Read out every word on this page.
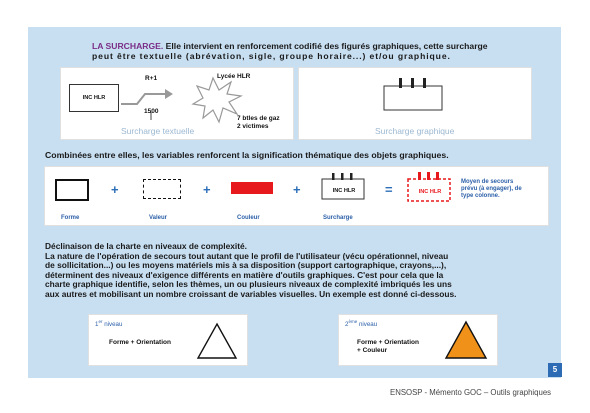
LA SURCHARGE. Elle intervient en renforcement codifié des figurés graphiques, cette surcharge
peut être textuelle (abrévation, sigle, groupe horaire...) et/ou graphique.
INC HLR
R+1
1500
Lycée HLR
7 btles de gaz
2 victimes
Surcharge textuelle	Surcharge graphique
Combinées entre elles, les variables renforcent la signification thématique des objets graphiques.
+	+	+	INC HLR	=	INC HLR
Moyen de secours
prévu (à engager), de
type colonne.
Forme	Valeur	Couleur	Surcharge
Déclinaison de la charte en niveaux de complexité.
La nature de l'opération de secours tout autant que le profil de l'utilisateur (vécu opérationnel, niveau
de sollicitation...) ou les moyens matériels mis à sa disposition (support cartographique, crayons,...),
déterminent des niveaux d'exigence différents en matière d'outils graphiques. C'est pour cela que la
charte graphique identifie, selon les thèmes, un ou plusieurs niveaux de complexité imbriqués les uns
aux autres et mobilisant un nombre croissant de variables visuelles. Un exemple est donné ci-dessous.
1er niveau
Forme + Orientation
2ème niveau
Forme + Orientation
+ Couleur
5
ENSOSP - Mémento GOC – Outils graphiques
